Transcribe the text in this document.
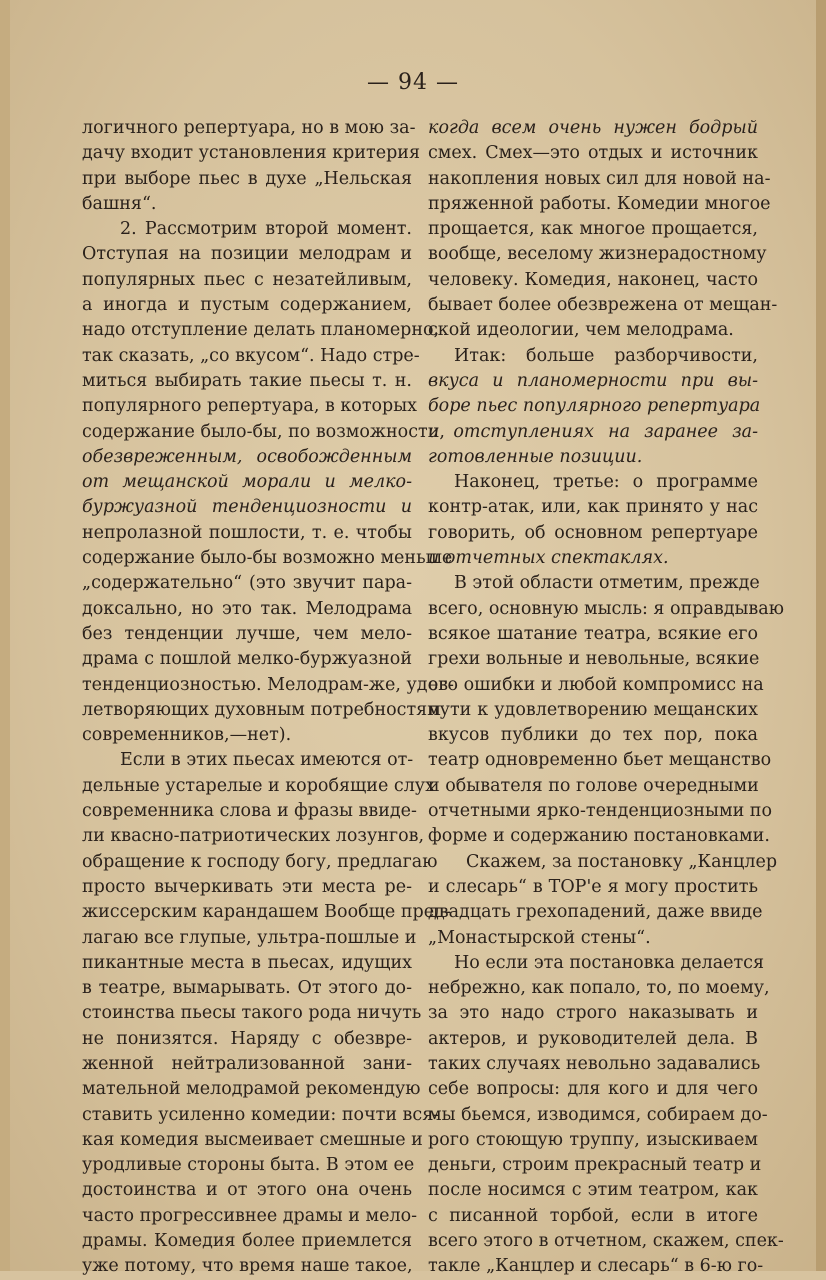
— 94 —
логичного репертуара, но в мою за-
дачу входит установления критерия
при выборе пьес в духе „Нельская
башня“.
2. Рассмотрим второй момент.
Отступая на позиции мелодрам и
популярных пьес с незатейливым,
а иногда и пустым содержанием,
надо отступление делать планомерно,
так сказать, „со вкусом“. Надо стре-
миться выбирать такие пьесы т. н.
популярного репертуара, в которых
содержание было-бы, по возможности,
обезвреженным, освобожденным
от мещанской морали и мелко-
буржуазной тенденциозности и
непролазной пошлости, т. е. чтобы
содержание было-бы возможно меньше
„содержательно“ (это звучит пара-
доксально, но это так. Мелодрама
без тенденции лучше, чем мело-
драма с пошлой мелко-буржуазной
тенденциозностью. Мелодрам-же, удов-
летворяющих духовным потребностям
современников,—нет).
Если в этих пьесах имеются от-
дельные устарелые и коробящие слух
современника слова и фразы ввиде-
ли квасно-патриотических лозунгов,
обращение к господу богу, предлагаю
просто вычеркивать эти места ре-
жиссерским карандашем Вообще пред-
лагаю все глупые, ультра-пошлые и
пикантные места в пьесах, идущих
в театре, вымарывать. От этого до-
стоинства пьесы такого рода ничуть
не понизятся. Наряду с обезвре-
женной нейтрализованной зани-
мательной мелодрамой рекомендую
ставить усиленно комедии: почти вся-
кая комедия высмеивает смешные и
уродливые стороны быта. В этом ее
достоинства и от этого она очень
часто прогрессивнее драмы и мело-
драмы. Комедия более приемлется
уже потому, что время наше такое,
когда всем очень нужен бодрый
смех. Смех—это отдых и источник
накопления новых сил для новой на-
пряженной работы. Комедии многое
прощается, как многое прощается,
вообще, веселому жизнерадостному
человеку. Комедия, наконец, часто
бывает более обезврежена от мещан-
ской идеологии, чем мелодрама.
Итак: больше разборчивости,
вкуса и планомерности при вы-
боре пьес популярного репертуара
и отступлениях на заранее за-
готовленные позиции.
Наконец, третье: о программе
контр-атак, или, как принято у нас
говорить, об основном репертуаре
и отчетных спектаклях.
В этой области отметим, прежде
всего, основную мысль: я оправдываю
всякое шатание театра, всякие его
грехи вольные и невольные, всякие
его ошибки и любой компромисс на
пути к удовлетворению мещанских
вкусов публики до тех пор, пока
театр одновременно бьет мещанство
и обывателя по голове очередными
отчетными ярко-тенденциозными по
форме и содержанию постановками.
Скажем, за постановку „Канцлер
и слесарь“ в ТОР'е я могу простить
двадцать грехопадений, даже ввиде
„Монастырской стены“.
Но если эта постановка делается
небрежно, как попало, то, по моему,
за это надо строго наказывать и
актеров, и руководителей дела. В
таких случаях невольно задавались
себе вопросы: для кого и для чего
мы бьемся, изводимся, собираем до-
рого стоющую труппу, изыскиваем
деньги, строим прекрасный театр и
после носимся с этим театром, как
с писанной торбой, если в итоге
всего этого в отчетном, скажем, спек-
такле „Канцлер и слесарь“ в 6-ю го-
